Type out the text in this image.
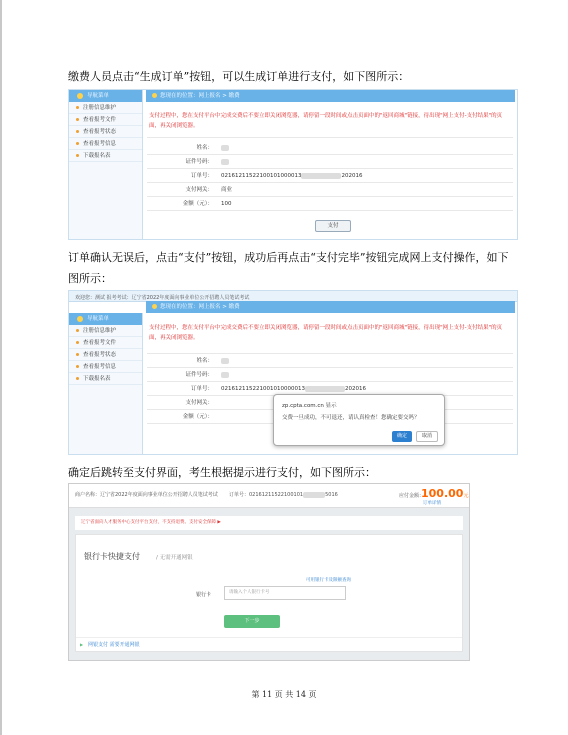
缴费人员点击“生成订单”按钮，可以生成订单进行支付，如下图所示：

导航菜单
注册信息维护
查看报考文件
查看报考状态
查看报考信息
下载报名表
您现在的位置：网上报名 > 缴费
支付过程中，您在支付平台中完成交费后不要立即关闭浏览器，请停留一段时间或点击页面中的"返回商城"链接，待出现"网上支付-支付结果"的页面，再关闭浏览器。
姓名：
证件号码：
订单号： 02161211522100101000013	202016
支付网关： 商业
金额（元）： 100
支付

订单确认无误后，点击“支付”按钮，成功后再点击“支付完毕”按钮完成网上支付操作，如下图所示：

欢迎您：测试 报考考试：辽宁省2022年度面向事业单位公开招聘人员笔试考试
您现在的位置：网上报名 > 缴费
导航菜单
注册信息维护
查看报考文件
查看报考状态
查看报考信息
下载报名表
支付过程中，您在支付平台中完成交费后不要立即关闭浏览器，请停留一段时间或点击页面中的"返回商城"链接，待出现"网上支付-支付结果"的页面，再关闭浏览器。
姓名：
证件号码：
订单号： 021612115221001010000013	202016
支付网关：
金额（元）：
zp.cpta.com.cn 显示
交费一旦成功，不可退还，请认真检查！您确定要交吗？
确定	取消

确定后跳转至支付界面，考生根据提示进行支付，如下图所示：

商户名称：辽宁省2022年度面向事业单位公开招聘人员笔试考试 订单号：02161211522100101	5016	应付金额：
100.00元
订单详情
辽宁省面向人才服务中心支付平台支付，不支持退费。支付安全保障 ▶
银行卡快捷支付	/ 无需开通网银
可用银行卡及限额查询
银行卡	请输入个人银行卡号
下一步
▶ 网银支付 需要开通网银
第 11 页 共 14 页
